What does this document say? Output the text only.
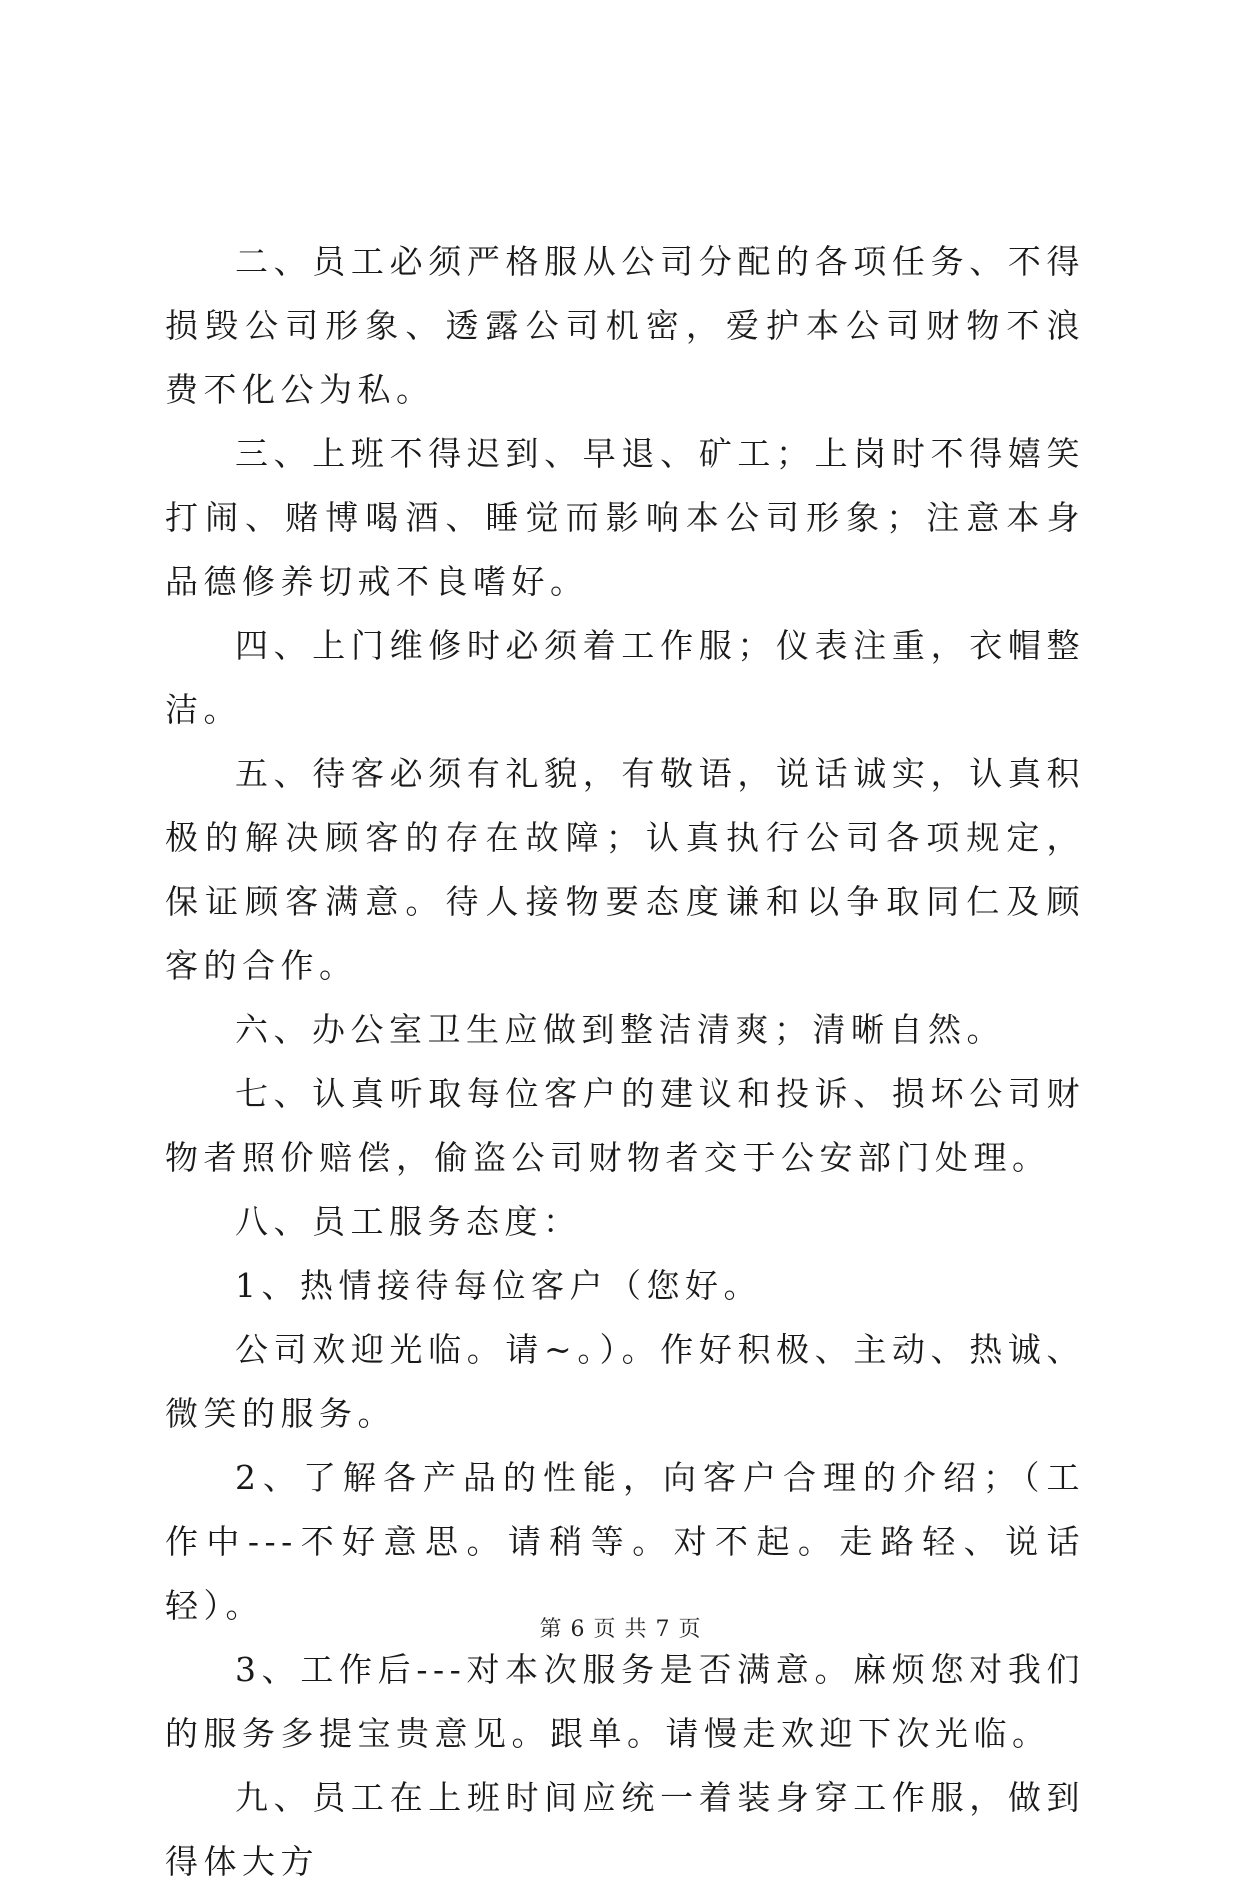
二、员工必须严格服从公司分配的各项任务、不得损毁公司形象、透露公司机密，爱护本公司财物不浪费不化公为私。

三、上班不得迟到、早退、矿工；上岗时不得嬉笑打闹、赌博喝酒、睡觉而影响本公司形象；注意本身品德修养切戒不良嗜好。

四、上门维修时必须着工作服；仪表注重，衣帽整洁。

五、待客必须有礼貌，有敬语，说话诚实，认真积极的解决顾客的存在故障；认真执行公司各项规定，保证顾客满意。待人接物要态度谦和以争取同仁及顾客的合作。

六、办公室卫生应做到整洁清爽；清晰自然。

七、认真听取每位客户的建议和投诉、损坏公司财物者照价赔偿，偷盗公司财物者交于公安部门处理。

八、员工服务态度：

1、热情接待每位客户（您好。

公司欢迎光临。请~。）。作好积极、主动、热诚、微笑的服务。

2、了解各产品的性能，向客户合理的介绍；（工作中---不好意思。请稍等。对不起。走路轻、说话轻）。

3、工作后---对本次服务是否满意。麻烦您对我们的服务多提宝贵意见。跟单。请慢走欢迎下次光临。

九、员工在上班时间应统一着装身穿工作服，做到得体大方

第 6 页 共 7 页
